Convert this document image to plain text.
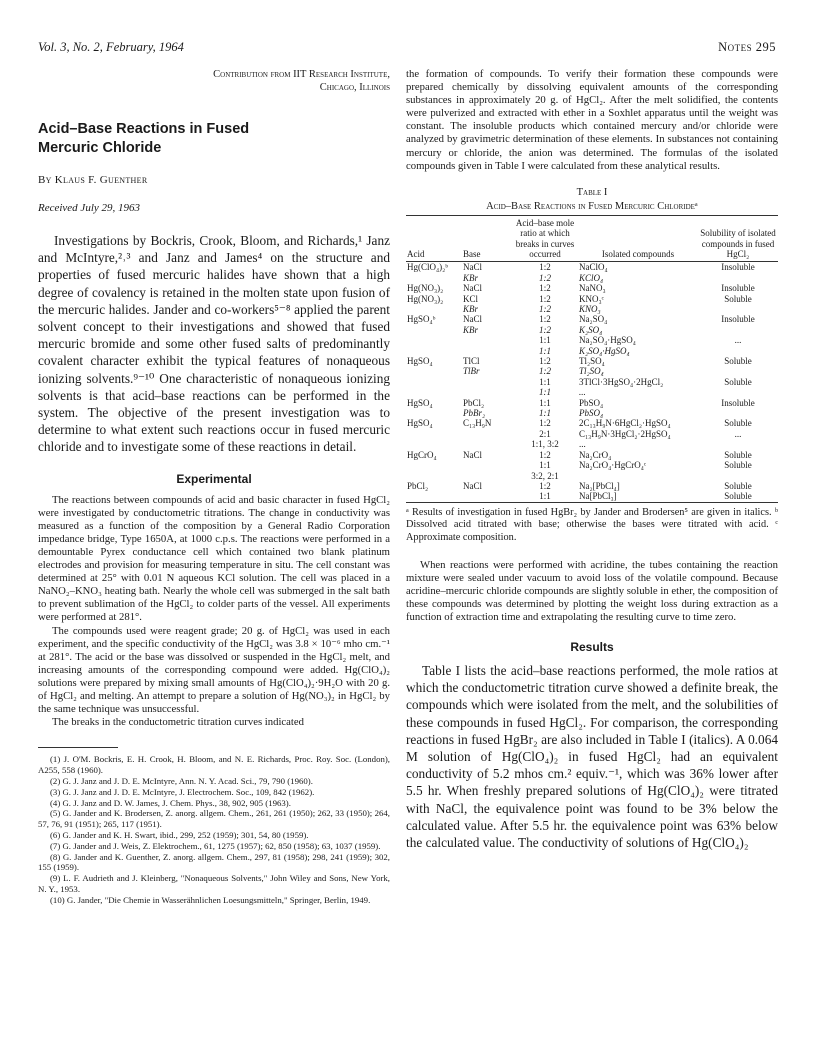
Vol. 3, No. 2, February, 1964	Notes 295
Contribution from IIT Research Institute,
Chicago, Illinois
Acid–Base Reactions in Fused
Mercuric Chloride
By Klaus F. Guenther
Received July 29, 1963

Investigations by Bockris, Crook, Bloom, and Richards,¹ Janz and McIntyre,²˒³ and Janz and James⁴ on the structure and properties of fused mercuric halides have shown that a high degree of covalency is retained in the molten state upon fusion of the mercuric halides. Jander and co-workers⁵⁻⁸ applied the parent solvent concept to their investigations and showed that fused mercuric bromide and some other fused salts of predominantly covalent character exhibit the typical features of nonaqueous ionizing solvents.⁹⁻¹⁰ One characteristic of nonaqueous ionizing solvents is that acid–base reactions can be performed in the system. The objective of the present investigation was to determine to what extent such reactions occur in fused mercuric chloride and to investigate some of these reactions in detail.

Experimental

The reactions between compounds of acid and basic character in fused HgCl₂ were investigated by conductometric titrations. The change in conductivity was measured as a function of the composition by a General Radio Corporation impedance bridge, Type 1650A, at 1000 c.p.s. The reactions were performed in a demountable Pyrex conductance cell which contained two blank platinum electrodes and provision for measuring temperature in situ. The cell constant was determined at 25° with 0.01 N aqueous KCl solution. The cell was placed in a NaNO₂–KNO₃ heating bath. Nearly the whole cell was submerged in the salt bath to prevent sublimation of the HgCl₂ to colder parts of the vessel. All experiments were performed at 281°.

The compounds used were reagent grade; 20 g. of HgCl₂ was used in each experiment, and the specific conductivity of the HgCl₂ was 3.8 × 10⁻⁶ mho cm.⁻¹ at 281°. The acid or the base was dissolved or suspended in the HgCl₂ melt, and increasing amounts of the corresponding compound were added. Hg(ClO₄)₂ solutions were prepared by mixing small amounts of Hg(ClO₄)₂·9H₂O with 20 g. of HgCl₂ and melting. An attempt to prepare a solution of Hg(NO₃)₂ in HgCl₂ by the same technique was unsuccessful.

The breaks in the conductometric titration curves indicated

(1) J. O'M. Bockris, E. H. Crook, H. Bloom, and N. E. Richards, Proc. Roy. Soc. (London), A255, 558 (1960).

(2) G. J. Janz and J. D. E. McIntyre, Ann. N. Y. Acad. Sci., 79, 790 (1960).

(3) G. J. Janz and J. D. E. McIntyre, J. Electrochem. Soc., 109, 842 (1962).

(4) G. J. Janz and D. W. James, J. Chem. Phys., 38, 902, 905 (1963).

(5) G. Jander and K. Brodersen, Z. anorg. allgem. Chem., 261, 261 (1950); 262, 33 (1950); 264, 57, 76, 91 (1951); 265, 117 (1951).

(6) G. Jander and K. H. Swart, ibid., 299, 252 (1959); 301, 54, 80 (1959).

(7) G. Jander and J. Weis, Z. Elektrochem., 61, 1275 (1957); 62, 850 (1958); 63, 1037 (1959).

(8) G. Jander and K. Guenther, Z. anorg. allgem. Chem., 297, 81 (1958); 298, 241 (1959); 302, 155 (1959).

(9) L. F. Audrieth and J. Kleinberg, "Nonaqueous Solvents," John Wiley and Sons, New York, N. Y., 1953.

(10) G. Jander, "Die Chemie in Wasserähnlichen Loesungsmitteln," Springer, Berlin, 1949.

the formation of compounds. To verify their formation these compounds were prepared chemically by dissolving equivalent amounts of the corresponding substances in approximately 20 g. of HgCl₂. After the melt solidified, the contents were pulverized and extracted with ether in a Soxhlet apparatus until the weight was constant. The insoluble products which contained mercury and/or chloride were analyzed by gravimetric determination of these elements. In substances not containing mercury or chloride, the anion was determined. The formulas of the isolated compounds given in Table I were calculated from these analytical results.

Table I
Acid–Base Reactions in Fused Mercuric Chlorideᵃ
Acid	Base	Acid–base mole ratio at which breaks in curves occurred	Isolated compounds	Solubility of isolated compounds in fused HgCl₂
Hg(ClO₄)₂ᵇ	NaCl	1:2	NaClO₄	Insoluble
	KBr	1:2	KClO₄	
Hg(NO₃)₂	NaCl	1:2	NaNO₃	Insoluble
Hg(NO₃)₂	KCl	1:2	KNO₃ᶜ	Soluble
	KBr	1:2	KNO₃	
HgSO₄ᵇ	NaCl	1:2	Na₂SO₄	Insoluble
	KBr	1:2	K₂SO₄	
		1:1	Na₂SO₄·HgSO₄	...
		1:1	K₂SO₄·HgSO₄	
HgSO₄	TlCl	1:2	Tl₂SO₄	Soluble
	TlBr	1:2	Tl₂SO₄	
		1:1	3TlCl·3HgSO₄·2HgCl₂	Soluble
		1:1	...	
HgSO₄	PbCl₂	1:1	PbSO₄	Insoluble
	PbBr₂	1:1	PbSO₄	
HgSO₄	C₁₃H₉N	1:2	2C₁₃H₉N·6HgCl₂·HgSO₄	Soluble
		2:1	C₁₃H₉N·3HgCl₂·2HgSO₄	...
		1:1, 3:2	...	
HgCrO₄	NaCl	1:2	Na₂CrO₄	Soluble
		1:1	Na₂CrO₄·HgCrO₄ᶜ	Soluble
		3:2, 2:1		
PbCl₂	NaCl	1:2	Na₂[PbCl₄]	Soluble
		1:1	Na[PbCl₃]	Soluble

ᵃ Results of investigation in fused HgBr₂ by Jander and Brodersen⁵ are given in italics. ᵇ Dissolved acid titrated with base; otherwise the bases were titrated with acid. ᶜ Approximate composition.

When reactions were performed with acridine, the tubes containing the reaction mixture were sealed under vacuum to avoid loss of the volatile compound. Because acridine–mercuric chloride compounds are slightly soluble in ether, the composition of these compounds was determined by plotting the weight loss during extraction as a function of extraction time and extrapolating the resulting curve to time zero.

Results

Table I lists the acid–base reactions performed, the mole ratios at which the conductometric titration curve showed a definite break, the compounds which were isolated from the melt, and the solubilities of these compounds in fused HgCl₂. For comparison, the corresponding reactions in fused HgBr₂ are also included in Table I (italics). A 0.064 M solution of Hg(ClO₄)₂ in fused HgCl₂ had an equivalent conductivity of 5.2 mhos cm.² equiv.⁻¹, which was 36% lower after 5.5 hr. When freshly prepared solutions of Hg(ClO₄)₂ were titrated with NaCl, the equivalence point was found to be 3% below the calculated value. After 5.5 hr. the equivalence point was 63% below the calculated value. The conductivity of solutions of Hg(ClO₄)₂
